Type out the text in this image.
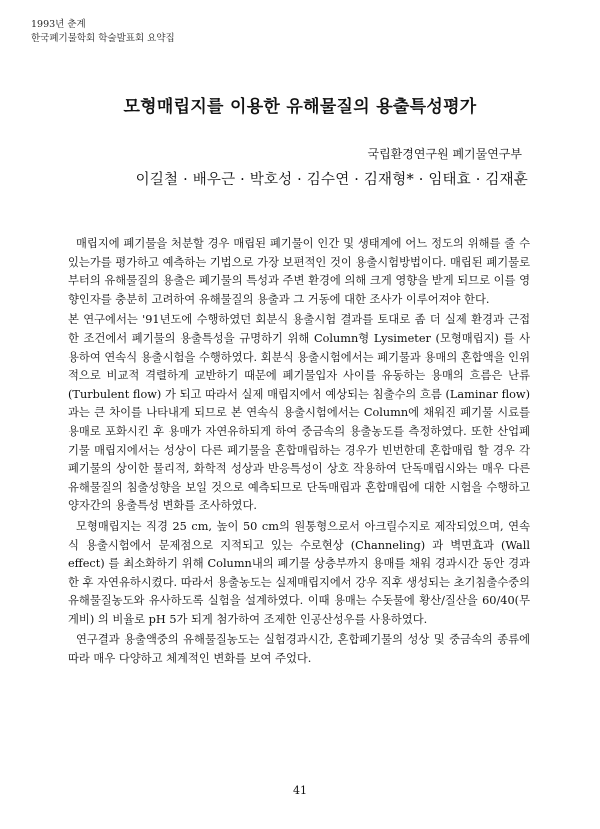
1993년 춘계
한국폐기물학회 학술발표회 요약집
모형매립지를 이용한 유해물질의 용출특성평가
국립환경연구원 폐기물연구부
이길철 · 배우근 · 박호성 · 김수연 · 김재형* · 임태효 · 김재훈

매립지에 폐기물을 처분할 경우 매립된 폐기물이 인간 및 생태계에 어느 정도의 위해를 줄 수 있는가를 평가하고 예측하는 기법으로 가장 보편적인 것이 용출시험방법이다. 매립된 폐기물로 부터의 유해물질의 용출은 폐기물의 특성과 주변 환경에 의해 크게 영향을 받게 되므로 이를 영향인자를 충분히 고려하여 유해물질의 용출과 그 거동에 대한 조사가 이루어져야 한다.

본 연구에서는 '91년도에 수행하였던 회분식 용출시험 결과를 토대로 좀 더 실제 환경과 근접한 조건에서 폐기물의 용출특성을 규명하기 위해 Column형 Lysimeter (모형매립지) 를 사용하여 연속식 용출시험을 수행하였다. 회분식 용출시험에서는 폐기물과 용매의 혼합액을 인위적으로 비교적 격렬하게 교반하기 때문에 폐기물입자 사이를 유동하는 용매의 흐름은 난류 (Turbulent flow) 가 되고 따라서 실제 매립지에서 예상되는 침출수의 흐름 (Laminar flow) 과는 큰 차이를 나타내게 되므로 본 연속식 용출시험에서는 Column에 채워진 폐기물 시료를 용매로 포화시킨 후 용매가 자연유하되게 하여 중금속의 용출농도를 측정하였다. 또한 산업폐기물 매립지에서는 성상이 다른 폐기물을 혼합매립하는 경우가 빈번한데 혼합매립 할 경우 각 폐기물의 상이한 물리적, 화학적 성상과 반응특성이 상호 작용하여 단독매립시와는 매우 다른 유해물질의 침출성향을 보일 것으로 예측되므로 단독매립과 혼합매립에 대한 시험을 수행하고 양자간의 용출특성 변화를 조사하였다.

모형매립지는 직경 25 cm, 높이 50 cm의 원통형으로서 아크릴수지로 제작되었으며, 연속식 용출시험에서 문제점으로 지적되고 있는 수로현상 (Channeling) 과 벽면효과 (Wall effect) 를 최소화하기 위해 Column내의 폐기물 상층부까지 용매를 채워 경과시간 동안 경과한 후 자연유하시켰다. 따라서 용출농도는 실제매립지에서 강우 직후 생성되는 초기침출수중의 유해물질농도와 유사하도록 실험을 설계하였다. 이때 용매는 수돗물에 황산/질산을 60/40(무게비) 의 비율로 pH 5가 되게 첨가하여 조제한 인공산성우를 사용하였다.

연구결과 용출액중의 유해물질농도는 실험경과시간, 혼합폐기물의 성상 및 중금속의 종류에 따라 매우 다양하고 체계적인 변화를 보여 주었다.

41
